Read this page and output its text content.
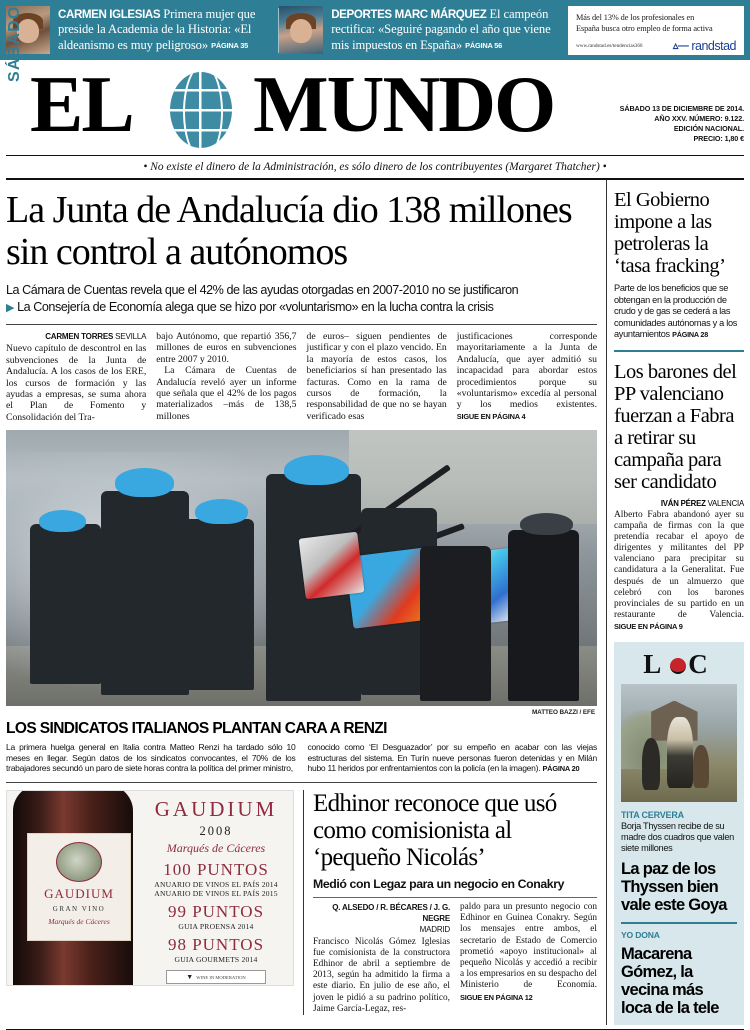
CARMEN IGLESIAS Primera mujer que preside la Academia de la Historia: «El aldeanismo es muy peligroso» PÁGINA 35
DEPORTES MARC MÁRQUEZ El campeón rectifica: «Seguiré pagando el año que viene mis impuestos en España» PÁGINA 56
Más del 13% de los profesionales en
España busca otro empleo de forma activa
www.randstad.es/tendencias360	▵— randstad
SÁBADO
EL MUNDO	SÁBADO 13 DE DICIEMBRE DE 2014.
AÑO XXV. NÚMERO: 9.122.
EDICIÓN NACIONAL.
PRECIO: 1,80 €
• No existe el dinero de la Administración, es sólo dinero de los contribuyentes (Margaret Thatcher) •
La Junta de Andalucía dio 138 millones sin control a autónomos
La Cámara de Cuentas revela que el 42% de las ayudas otorgadas en 2007-2010 no se justificaron
▶ La Consejería de Economía alega que se hizo por «voluntarismo» en la lucha contra la crisis
CARMEN TORRES SEVILLA

Nuevo capítulo de descontrol en las subvenciones de la Junta de Andalucía. A los casos de los ERE, los cursos de formación y las ayudas a empresas, se suma ahora el Plan de Fomento y Consolidación del Tra-

bajo Autónomo, que repartió 356,7 millones de euros en subvenciones entre 2007 y 2010.

La Cámara de Cuentas de Andalucía reveló ayer un informe que señala que el 42% de los pagos materializados –más de 138,5 millones

de euros– siguen pendientes de justificar y con el plazo vencido. En la mayoría de estos casos, los beneficiarios sí han presentado las facturas. Como en la rama de cursos de formación, la responsabilidad de que no se hayan verificado esas

justificaciones corresponde mayoritariamente a la Junta de Andalucía, que ayer admitió su incapacidad para abordar estos procedimientos porque su «voluntarismo» excedía al personal y los medios existentes. SIGUE EN PÁGINA 4

MATTEO BAZZI / EFE
LOS SINDICATOS ITALIANOS PLANTAN CARA A RENZI
La primera huelga general en Italia contra Matteo Renzi ha tardado sólo 10 meses en llegar. Según datos de los sindicatos convocantes, el 70% de los trabajadores secundó un paro de siete horas contra la política del primer ministro,
conocido como ‘El Desguazador’ por su empeño en acabar con las viejas estructuras del sistema. En Turín nueve personas fueron detenidas y en Milán hubo 11 heridos por enfrentamientos con la policía (en la imagen). PÁGINA 20
GAUDIUM
GRAN VINO
Marqués de Cáceres
GAUDIUM
2008
Marqués de Cáceres
100 PUNTOS
ANUARIO DE VINOS EL PAÍS 2014
ANUARIO DE VINOS EL PAÍS 2015
99 PUNTOS
GUIA PROENSA 2014
98 PUNTOS
GUIA GOURMETS 2014
▼ WINE IN MODERATION
Edhinor reconoce que usó como comisionista al ‘pequeño Nicolás’
Medió con Legaz para un negocio en Conakry
Q. ALSEDO / R. BÉCARES / J. G. NEGRE
MADRID

Francisco Nicolás Gómez Iglesias fue comisionista de la constructora Edhinor de abril a septiembre de 2013, según ha admitido la firma a este diario. En julio de ese año, el joven le pidió a su padrino político, Jaime García-Legaz, res-

paldo para un presunto negocio con Edhinor en Guinea Conakry. Según los mensajes entre ambos, el secretario de Estado de Comercio prometió «apoyo institucional» al pequeño Nicolás y accedió a recibir a los empresarios en su despacho del Ministerio de Economía. SIGUE EN PÁGINA 12

El Gobierno impone a las petroleras la ‘tasa fracking’
Parte de los beneficios que se obtengan en la producción de crudo y de gas se cederá a las comunidades autónomas y a los ayuntamientos PÁGINA 28
Los barones del PP valenciano fuerzan a Fabra a retirar su campaña para ser candidato
IVÁN PÉREZ VALENCIA
Alberto Fabra abandonó ayer su campaña de firmas con la que pretendía recabar el apoyo de dirigentes y militantes del PP valenciano para precipitar su candidatura a la Generalitat. Fue después de un almuerzo que celebró con los barones provinciales de su partido en un restaurante de Valencia. SIGUE EN PÁGINA 9
L C
TITA CERVERA
Borja Thyssen recibe de su madre dos cuadros que valen siete millones
La paz de los Thyssen bien vale este Goya
YO DONA
Macarena Gómez, la vecina más loca de la tele
